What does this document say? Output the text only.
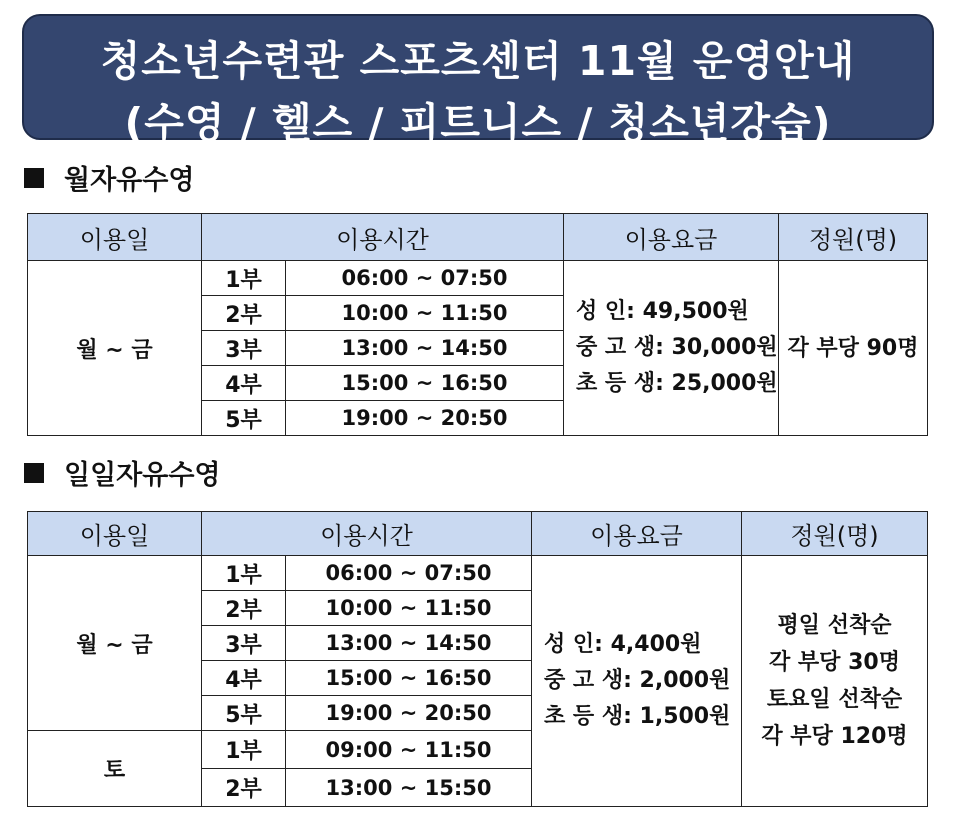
청소년수련관 스포츠센터 11월 운영안내
(수영 / 헬스 / 피트니스 / 청소년강습)
월자유수영
이용일	이용시간		이용요금	정원(명)
월 ~ 금	1부	06:00 ~ 07:50	성 인: 49,500원
중 고 생: 30,000원
초 등 생: 25,000원	각 부당 90명
	2부	10:00 ~ 11:50		
	3부	13:00 ~ 14:50		
	4부	15:00 ~ 16:50		
	5부	19:00 ~ 20:50		
일일자유수영
이용일	이용시간		이용요금	정원(명)
월 ~ 금	1부	06:00 ~ 07:50	성 인: 4,400원
중 고 생: 2,000원
초 등 생: 1,500원	평일 선착순
각 부당 30명
토요일 선착순
각 부당 120명

	2부	10:00 ~ 11:50		
	3부	13:00 ~ 14:50		
	4부	15:00 ~ 16:50		
	5부	19:00 ~ 20:50		
토	1부	09:00 ~ 11:50		
	2부	13:00 ~ 15:50		
